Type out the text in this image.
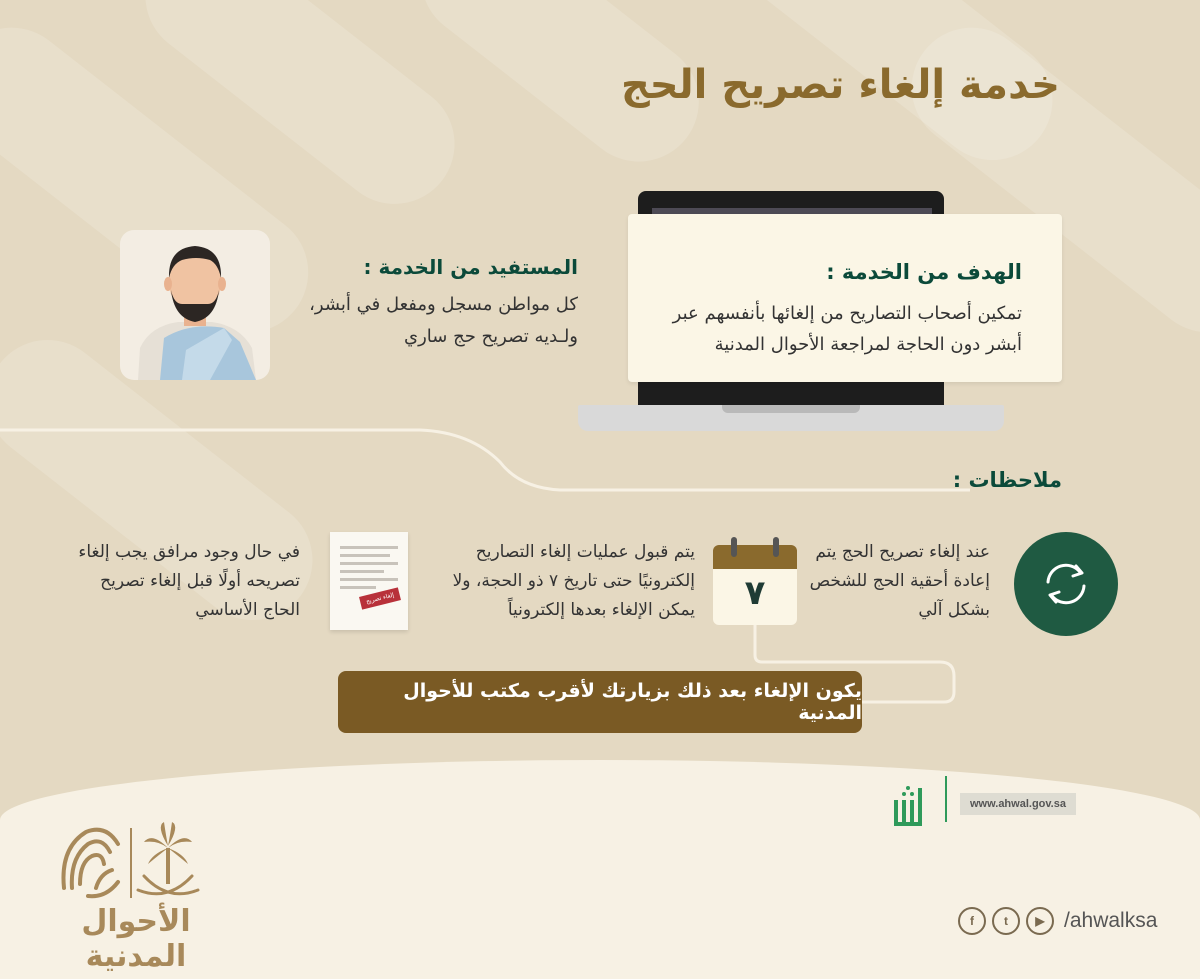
خدمة إلغاء تصريح الحج
الهدف من الخدمة :

تمكين أصحاب التصاريح من إلغائها بأنفسهم عبر أبشر دون الحاجة لمراجعة الأحوال المدنية

المستفيد من الخدمة :

كل مواطن مسجل ومفعل في أبشر، ولـديه تصريح حج ساري

ملاحظات :

عند إلغاء تصريح الحج يتم إعادة أحقية الحج للشخص بشكل آلي

٧

يتم قبول عمليات إلغاء التصاريح إلكترونيًا حتى تاريخ ٧ ذو الحجة، ولا يمكن الإلغاء بعدها إلكترونياً

إلغاء تصريح

في حال وجود مرافق يجب إلغاء تصريحه أولًا قبل إلغاء تصريح الحاج الأساسي

يكون الإلغاء بعد ذلك بزيارتك لأقرب مكتب للأحوال المدنية
www.ahwal.gov.sa
f	t	▶ /ahwalksa

الأحوال المدنية
